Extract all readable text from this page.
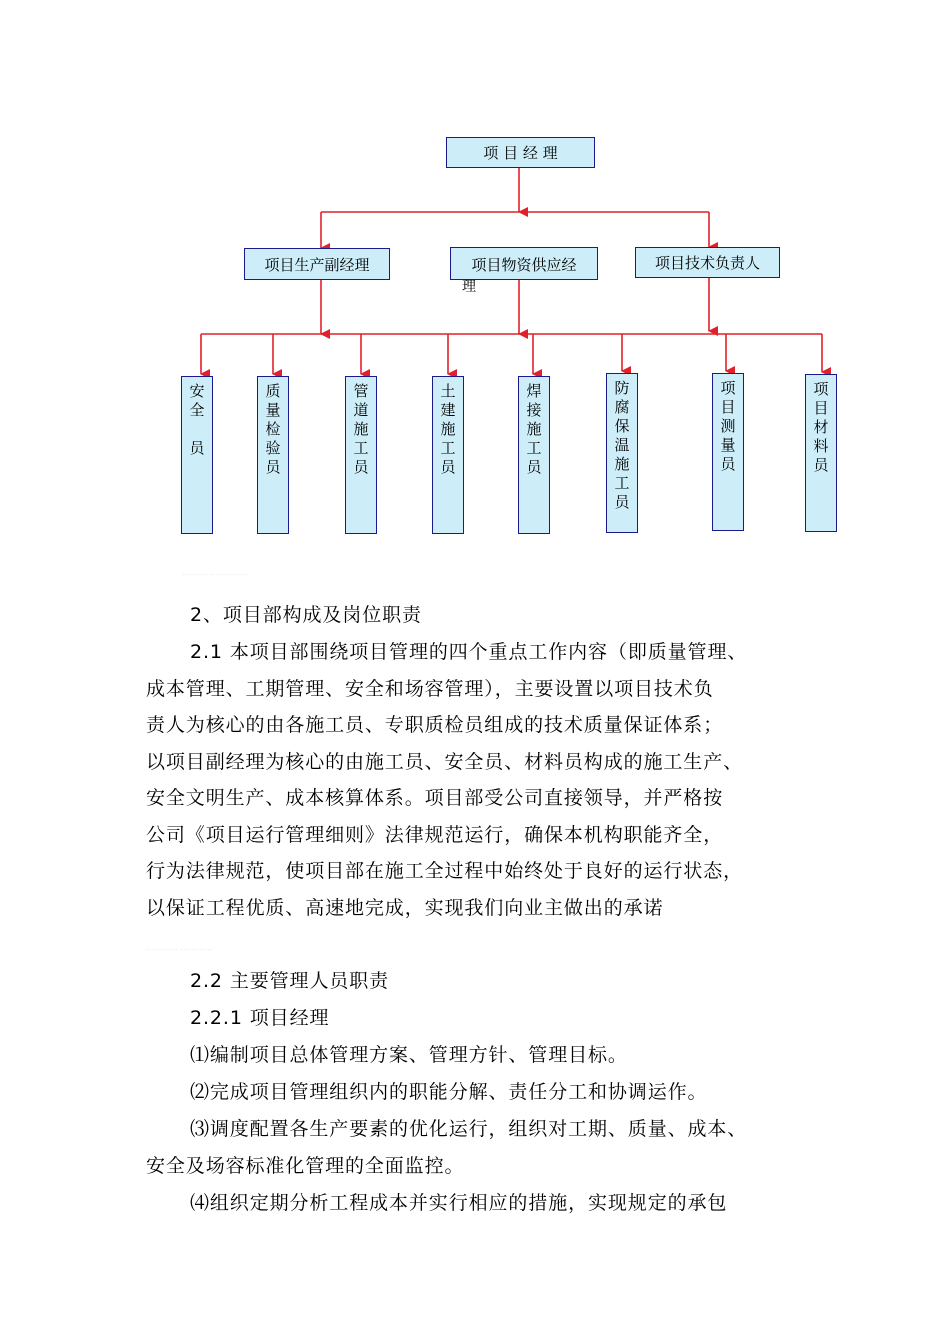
项 目 经 理
项目生产副经理	项目物资供应经
理
项目技术负责人
安
全

员
质
量
检
验
员
管
道
施
工
员
土
建
施
工
员
焊
接
施
工
员
防
腐
保
温
施
工
员
项
目
测
量
员
项
目
材
料
员
………… …………
2、项目部构成及岗位职责
2.1 本项目部围绕项目管理的四个重点工作内容（即质量管理、
成本管理、工期管理、安全和场容管理），主要设置以项目技术负
责人为核心的由各施工员、专职质检员组成的技术质量保证体系；
以项目副经理为核心的由施工员、安全员、材料员构成的施工生产、
安全文明生产、成本核算体系。项目部受公司直接领导，并严格按
公司《项目运行管理细则》法律规范运行，确保本机构职能齐全，
行为法律规范，使项目部在施工全过程中始终处于良好的运行状态，
以保证工程优质、高速地完成，实现我们向业主做出的承诺
………… …………
2.2 主要管理人员职责
2.2.1 项目经理
⑴编制项目总体管理方案、管理方针、管理目标。
⑵完成项目管理组织内的职能分解、责任分工和协调运作。
⑶调度配置各生产要素的优化运行，组织对工期、质量、成本、
安全及场容标准化管理的全面监控。
⑷组织定期分析工程成本并实行相应的措施，实现规定的承包
